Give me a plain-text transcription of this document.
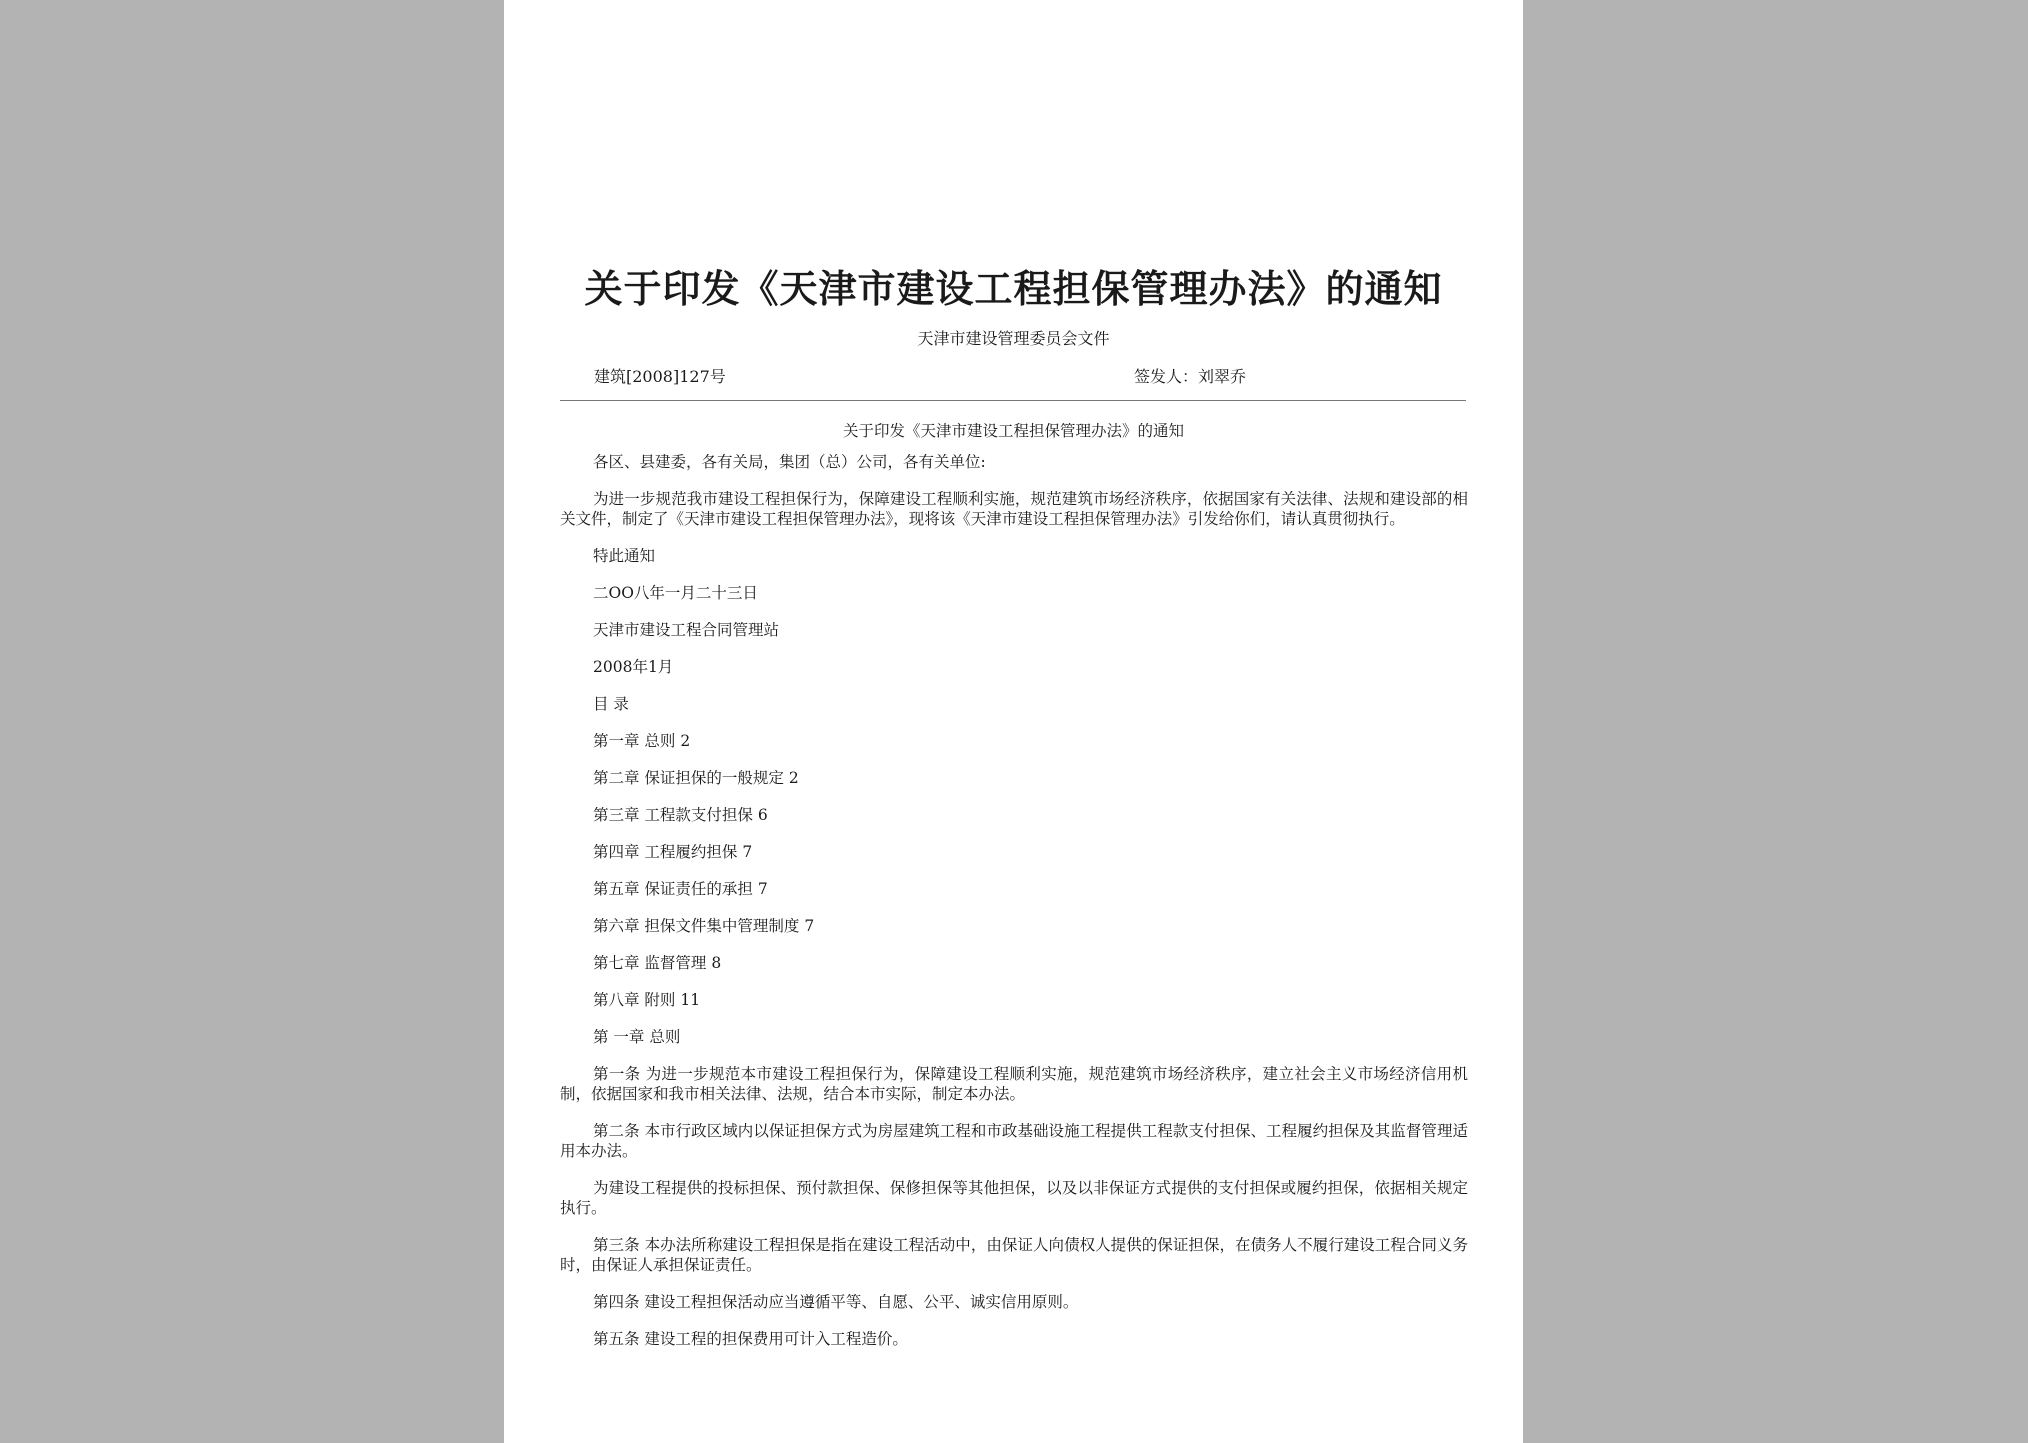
关于印发《天津市建设工程担保管理办法》的通知
天津市建设管理委员会文件
建筑[2008]127号	签发人：刘翠乔
关于印发《天津市建设工程担保管理办法》的通知

各区、县建委，各有关局，集团（总）公司，各有关单位:

为进一步规范我市建设工程担保行为，保障建设工程顺利实施，规范建筑市场经济秩序，依据国家有关法律、法规和建设部的相关文件，制定了《天津市建设工程担保管理办法》，现将该《天津市建设工程担保管理办法》引发给你们，请认真贯彻执行。

特此通知

二OO八年一月二十三日

天津市建设工程合同管理站

2008年1月

目 录

第一章 总则 2

第二章 保证担保的一般规定 2

第三章 工程款支付担保 6

第四章 工程履约担保 7

第五章 保证责任的承担 7

第六章 担保文件集中管理制度 7

第七章 监督管理 8

第八章 附则 11

第 一章 总则

第一条 为进一步规范本市建设工程担保行为，保障建设工程顺利实施，规范建筑市场经济秩序，建立社会主义市场经济信用机制，依据国家和我市相关法律、法规，结合本市实际，制定本办法。

第二条 本市行政区域内以保证担保方式为房屋建筑工程和市政基础设施工程提供工程款支付担保、工程履约担保及其监督管理适用本办法。

为建设工程提供的投标担保、预付款担保、保修担保等其他担保，以及以非保证方式提供的支付担保或履约担保，依据相关规定执行。

第三条 本办法所称建设工程担保是指在建设工程活动中，由保证人向债权人提供的保证担保，在债务人不履行建设工程合同义务时，由保证人承担保证责任。

第四条 建设工程担保活动应当遵循平等、自愿、公平、诚实信用原则。

第五条 建设工程的担保费用可计入工程造价。
